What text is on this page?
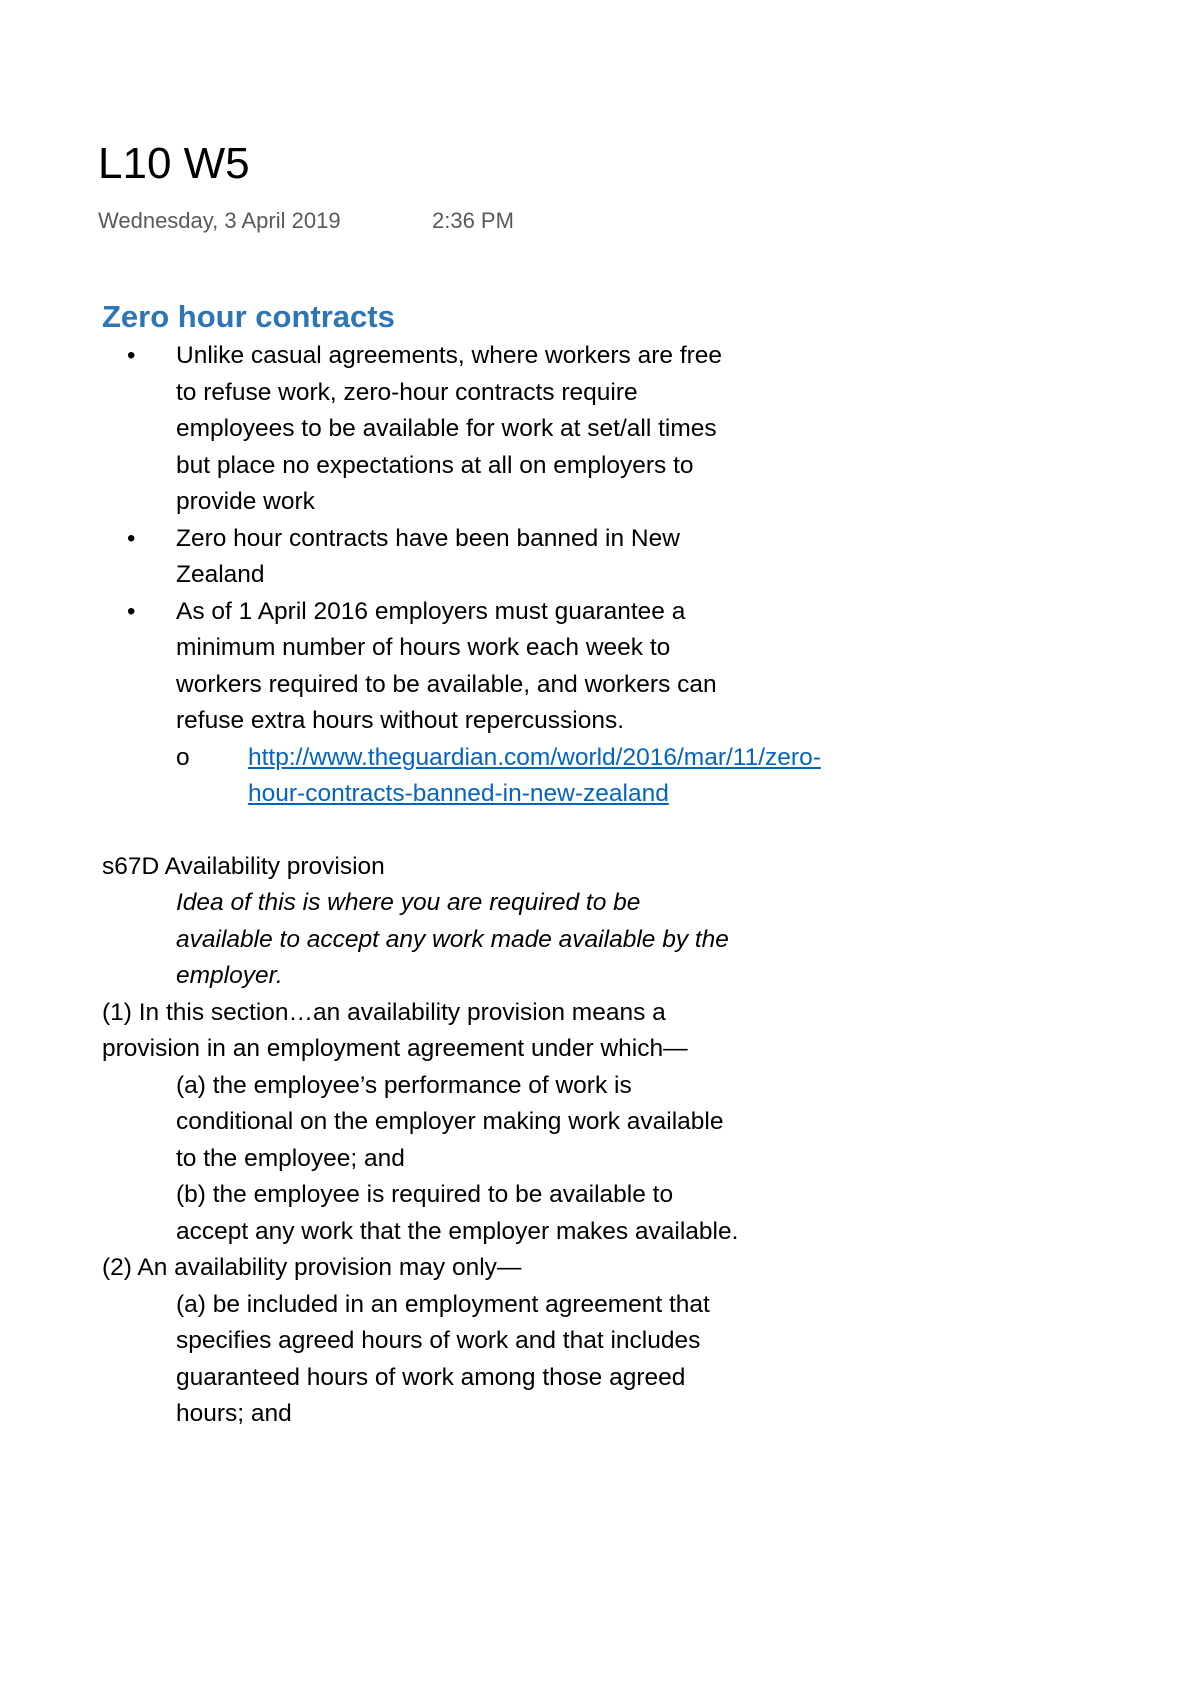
L10 W5
Wednesday, 3 April 2019	2:36 PM
Zero hour contracts
• Unlike casual agreements, where workers are free to refuse work, zero-hour contracts require employees to be available for work at set/all times but place no expectations at all on employers to provide work
• Zero hour contracts have been banned in New Zealand
• As of 1 April 2016 employers must guarantee a minimum number of hours work each week to workers required to be available, and workers can refuse extra hours without repercussions.
o http://www.theguardian.com/world/2016/mar/11/zero-hour-contracts-banned-in-new-zealand

s67D Availability provision

Idea of this is where you are required to be available to accept any work made available by the employer.

(1) In this section…an availability provision means a provision in an employment agreement under which—

(a) the employee’s performance of work is conditional on the employer making work available to the employee; and

(b) the employee is required to be available to accept any work that the employer makes available.

(2) An availability provision may only—

(a) be included in an employment agreement that specifies agreed hours of work and that includes guaranteed hours of work among those agreed hours; and
